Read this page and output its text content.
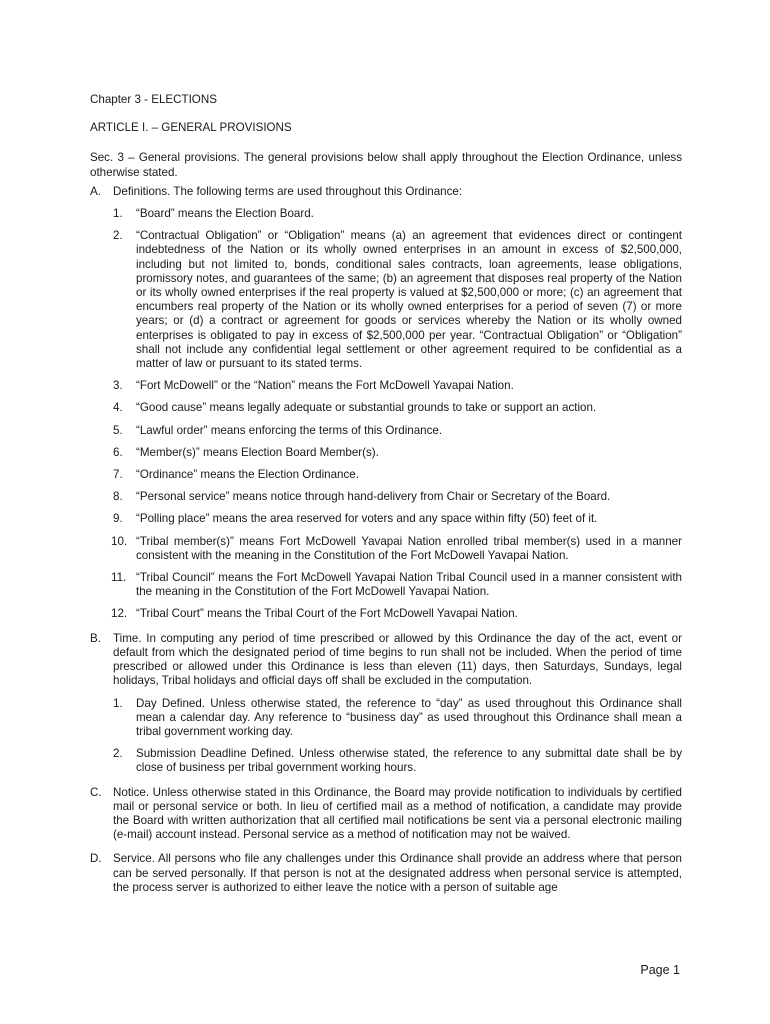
Chapter 3 - ELECTIONS
ARTICLE I. – GENERAL PROVISIONS
Sec. 3 – General provisions. The general provisions below shall apply throughout the Election Ordinance, unless otherwise stated.
A. Definitions. The following terms are used throughout this Ordinance:
1. “Board” means the Election Board.
2. “Contractual Obligation” or “Obligation” means (a) an agreement that evidences direct or contingent indebtedness of the Nation or its wholly owned enterprises in an amount in excess of $2,500,000, including but not limited to, bonds, conditional sales contracts, loan agreements, lease obligations, promissory notes, and guarantees of the same; (b) an agreement that disposes real property of the Nation or its wholly owned enterprises if the real property is valued at $2,500,000 or more; (c) an agreement that encumbers real property of the Nation or its wholly owned enterprises for a period of seven (7) or more years; or (d) a contract or agreement for goods or services whereby the Nation or its wholly owned enterprises is obligated to pay in excess of $2,500,000 per year. “Contractual Obligation” or “Obligation” shall not include any confidential legal settlement or other agreement required to be confidential as a matter of law or pursuant to its stated terms.
3. “Fort McDowell” or the “Nation” means the Fort McDowell Yavapai Nation.
4. “Good cause” means legally adequate or substantial grounds to take or support an action.
5. “Lawful order” means enforcing the terms of this Ordinance.
6. “Member(s)” means Election Board Member(s).
7. “Ordinance” means the Election Ordinance.
8. “Personal service” means notice through hand-delivery from Chair or Secretary of the Board.
9. “Polling place” means the area reserved for voters and any space within fifty (50) feet of it.
10. “Tribal member(s)” means Fort McDowell Yavapai Nation enrolled tribal member(s) used in a manner consistent with the meaning in the Constitution of the Fort McDowell Yavapai Nation.
11. “Tribal Council” means the Fort McDowell Yavapai Nation Tribal Council used in a manner consistent with the meaning in the Constitution of the Fort McDowell Yavapai Nation.
12. “Tribal Court” means the Tribal Court of the Fort McDowell Yavapai Nation.
B. Time. In computing any period of time prescribed or allowed by this Ordinance the day of the act, event or default from which the designated period of time begins to run shall not be included. When the period of time prescribed or allowed under this Ordinance is less than eleven (11) days, then Saturdays, Sundays, legal holidays, Tribal holidays and official days off shall be excluded in the computation.
1. Day Defined. Unless otherwise stated, the reference to “day” as used throughout this Ordinance shall mean a calendar day. Any reference to “business day” as used throughout this Ordinance shall mean a tribal government working day.
2. Submission Deadline Defined. Unless otherwise stated, the reference to any submittal date shall be by close of business per tribal government working hours.
C. Notice. Unless otherwise stated in this Ordinance, the Board may provide notification to individuals by certified mail or personal service or both. In lieu of certified mail as a method of notification, a candidate may provide the Board with written authorization that all certified mail notifications be sent via a personal electronic mailing (e-mail) account instead. Personal service as a method of notification may not be waived.
D. Service. All persons who file any challenges under this Ordinance shall provide an address where that person can be served personally. If that person is not at the designated address when personal service is attempted, the process server is authorized to either leave the notice with a person of suitable age
Page 1
